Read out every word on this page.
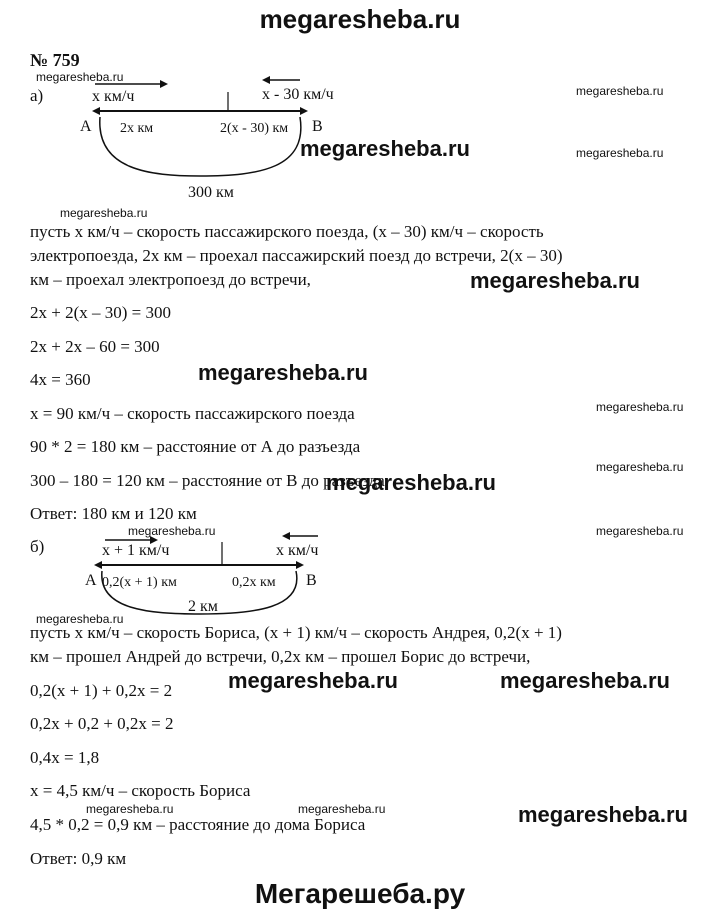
megaresheba.ru
Мегарешеба.ру
№ 759
а)	x км/ч	x - 30 км/ч
A	B
2x км	2(x - 30) км
300 км
пусть х км/ч – скорость пассажирского поезда, (х – 30) км/ч – скорость
электропоезда, 2х км – проехал пассажирский поезд до встречи, 2(х – 30)
км – проехал электропоезд до встречи,
2х + 2(х – 30) = 300
2х + 2х – 60 = 300
4х = 360
х = 90 км/ч – скорость пассажирского поезда
90 * 2 = 180 км – расстояние от А до разъезда
300 – 180 = 120 км – расстояние от В до разъезда
Ответ: 180 км и 120 км
б)	х + 1 км/ч	х км/ч
A	B
0,2(х + 1) км	0,2х км
2 км
пусть х км/ч – скорость Бориса, (х + 1) км/ч – скорость Андрея, 0,2(х + 1)
км – прошел Андрей до встречи, 0,2х км – прошел Борис до встречи,
0,2(х + 1) + 0,2х = 2
0,2х + 0,2 + 0,2х = 2
0,4х = 1,8
х = 4,5 км/ч – скорость Бориса
4,5 * 0,2 = 0,9 км – расстояние до дома Бориса
Ответ: 0,9 км
megaresheba.ru
megaresheba.ru
megaresheba.ru
megaresheba.ru
megaresheba.ru	megaresheba.ru
megaresheba.ru
megaresheba.ru
megaresheba.ru
megaresheba.ru
megaresheba.ru
megaresheba.ru
megaresheba.ru
megaresheba.ru
megaresheba.ru
megaresheba.ru
megaresheba.ru	megaresheba.ru
